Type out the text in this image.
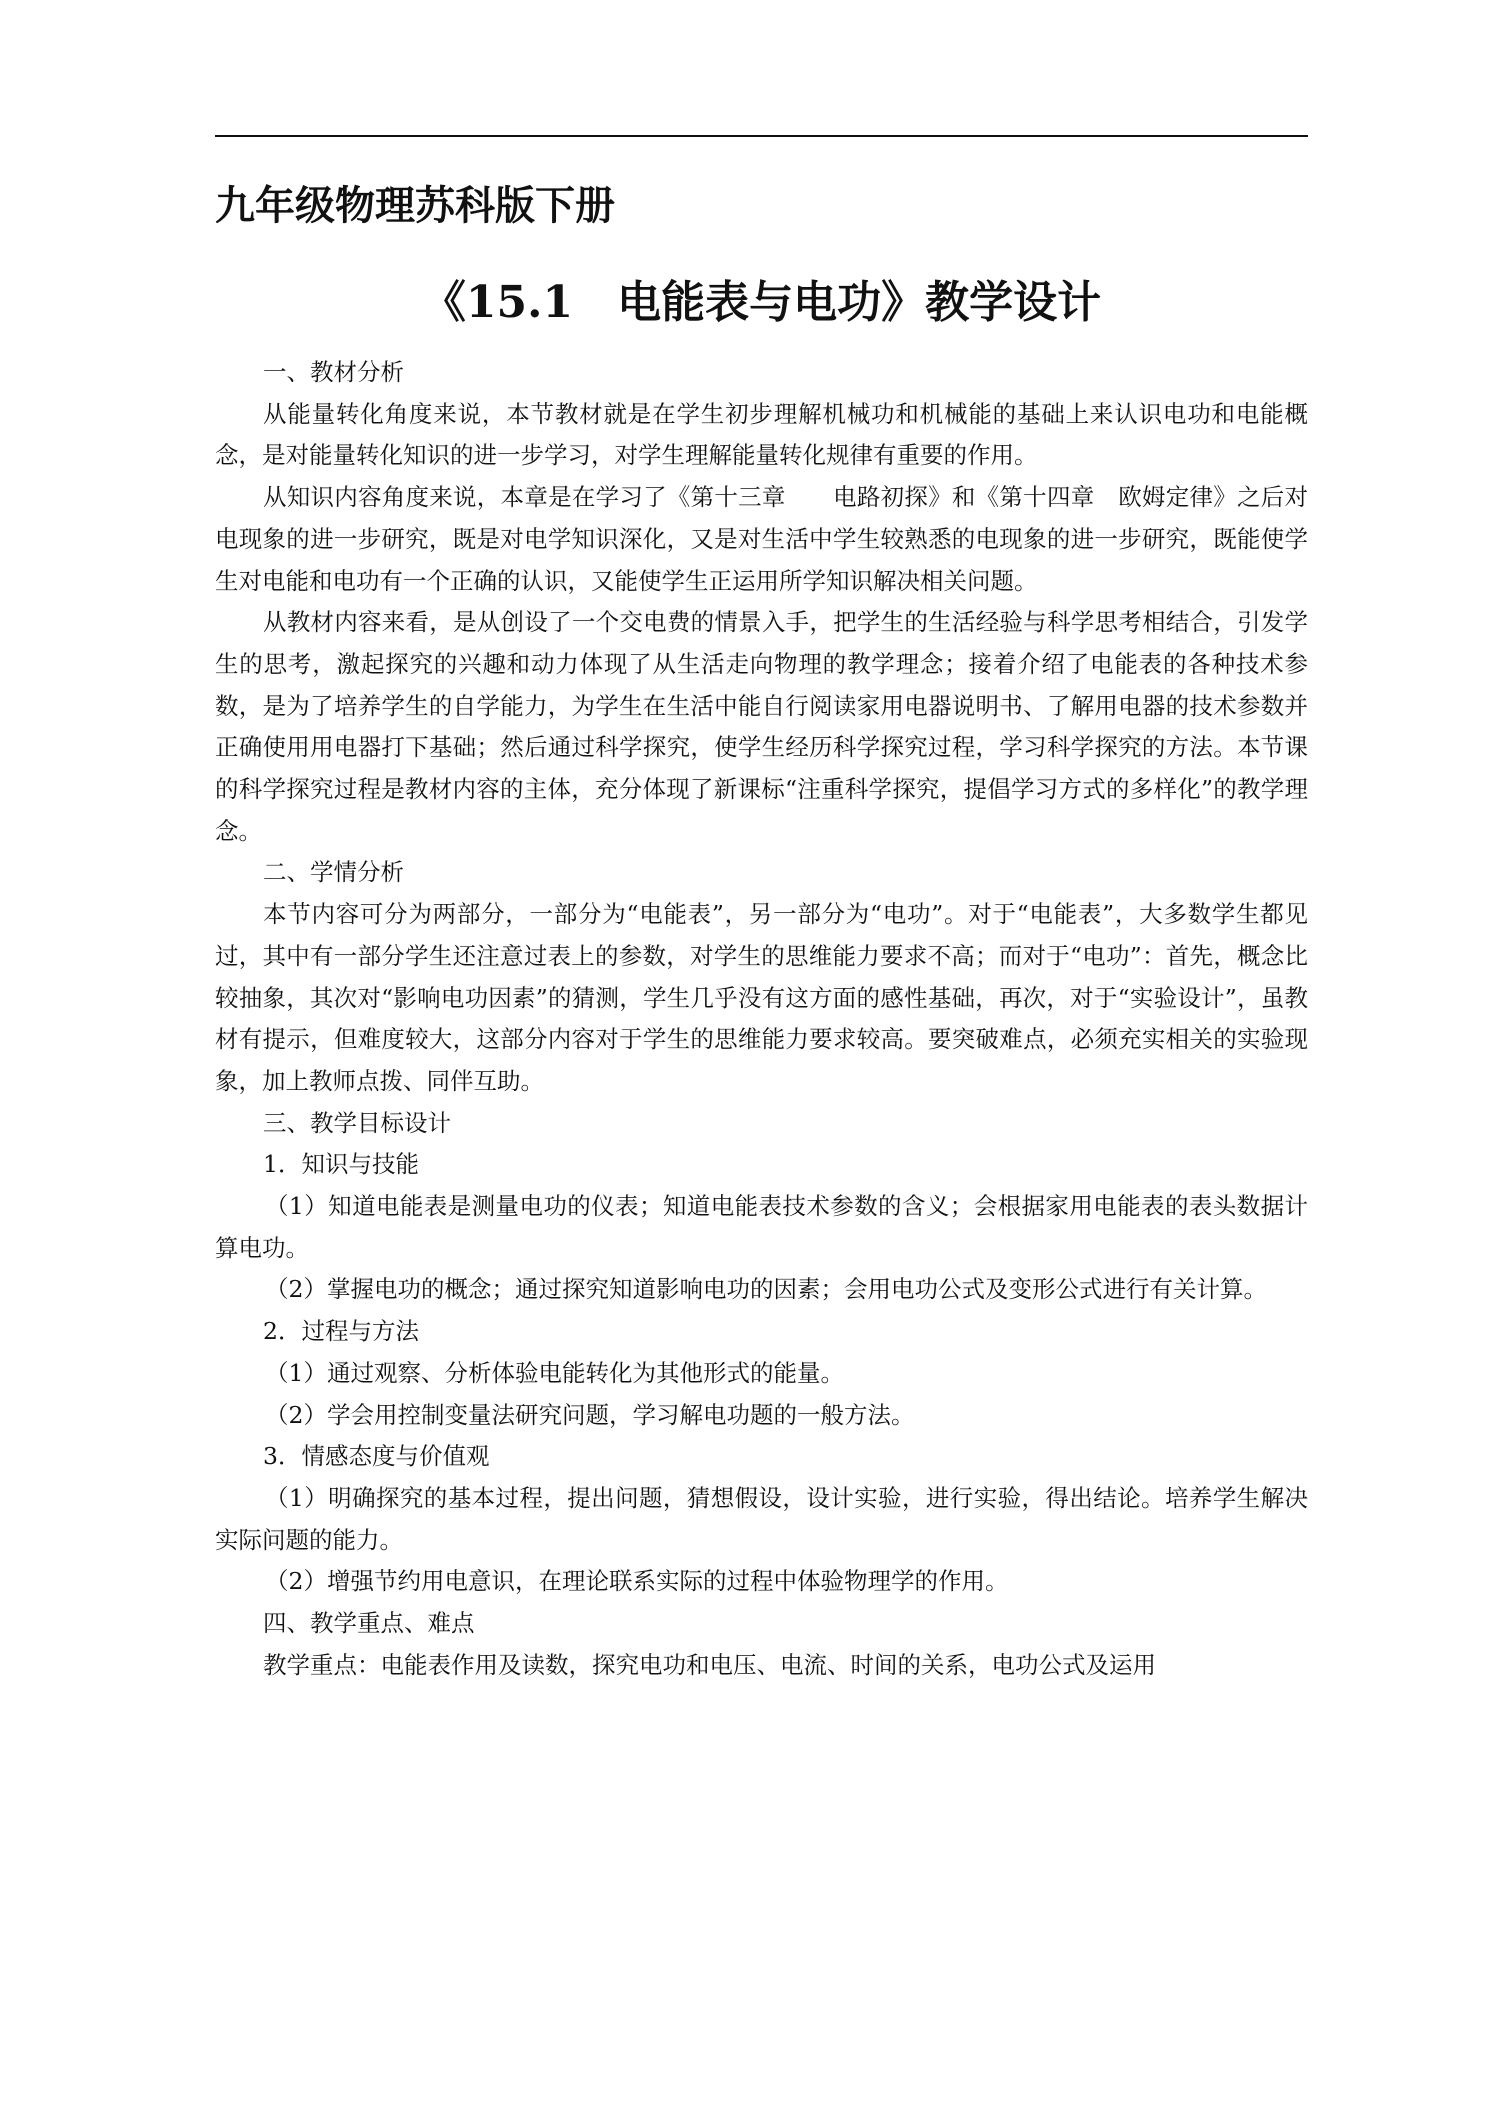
九年级物理苏科版下册
《15.1　电能表与电功》教学设计

一、教材分析

从能量转化角度来说，本节教材就是在学生初步理解机械功和机械能的基础上来认识电功和电能概念，是对能量转化知识的进一步学习，对学生理解能量转化规律有重要的作用。

从知识内容角度来说，本章是在学习了《第十三章　　电路初探》和《第十四章　欧姆定律》之后对电现象的进一步研究，既是对电学知识深化，又是对生活中学生较熟悉的电现象的进一步研究，既能使学生对电能和电功有一个正确的认识，又能使学生正运用所学知识解决相关问题。

从教材内容来看，是从创设了一个交电费的情景入手，把学生的生活经验与科学思考相结合，引发学生的思考，激起探究的兴趣和动力体现了从生活走向物理的教学理念；接着介绍了电能表的各种技术参数，是为了培养学生的自学能力，为学生在生活中能自行阅读家用电器说明书、了解用电器的技术参数并正确使用用电器打下基础；然后通过科学探究，使学生经历科学探究过程，学习科学探究的方法。本节课的科学探究过程是教材内容的主体，充分体现了新课标“注重科学探究，提倡学习方式的多样化”的教学理念。

二、学情分析

本节内容可分为两部分，一部分为“电能表”，另一部分为“电功”。对于“电能表”，大多数学生都见过，其中有一部分学生还注意过表上的参数，对学生的思维能力要求不高；而对于“电功”：首先，概念比较抽象，其次对“影响电功因素”的猜测，学生几乎没有这方面的感性基础，再次，对于“实验设计”，虽教材有提示，但难度较大，这部分内容对于学生的思维能力要求较高。要突破难点，必须充实相关的实验现象，加上教师点拨、同伴互助。

三、教学目标设计

1．知识与技能

（1）知道电能表是测量电功的仪表；知道电能表技术参数的含义；会根据家用电能表的表头数据计算电功。

（2）掌握电功的概念；通过探究知道影响电功的因素；会用电功公式及变形公式进行有关计算。

2．过程与方法

（1）通过观察、分析体验电能转化为其他形式的能量。

（2）学会用控制变量法研究问题，学习解电功题的一般方法。

3．情感态度与价值观

（1）明确探究的基本过程，提出问题，猜想假设，设计实验，进行实验，得出结论。培养学生解决实际问题的能力。

（2）增强节约用电意识，在理论联系实际的过程中体验物理学的作用。

四、教学重点、难点

教学重点：电能表作用及读数，探究电功和电压、电流、时间的关系，电功公式及运用
